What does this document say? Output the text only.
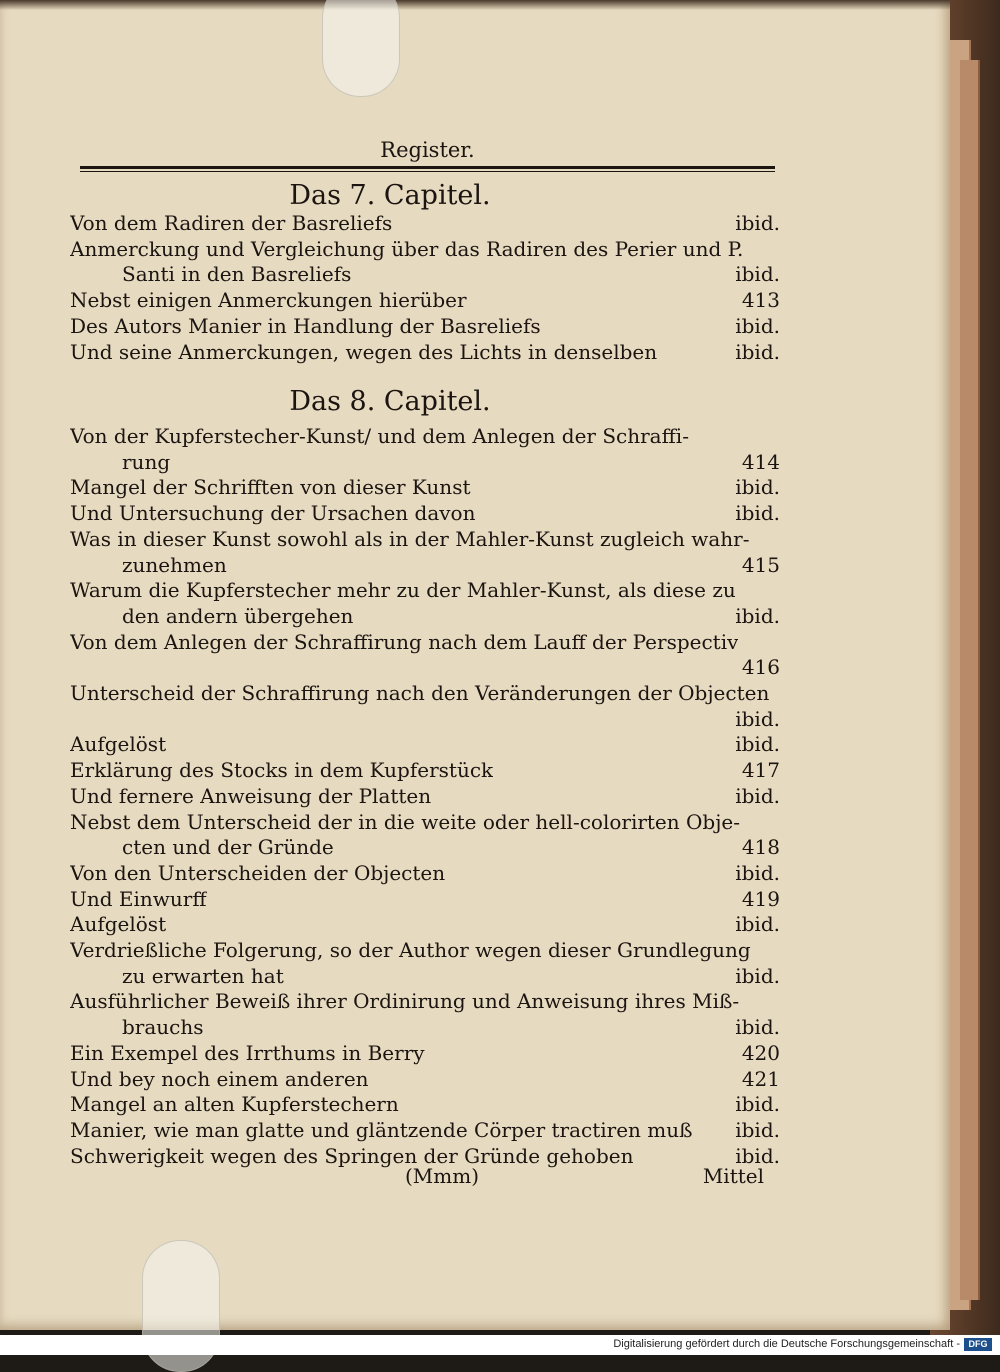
Register.
Das 7. Capitel.
Von dem Radiren der Basreliefs	ibid.
Anmerckung und Vergleichung über das Radiren des Perier und P.
Santi in den Basreliefs	ibid.
Nebst einigen Anmerckungen hierüber	413
Des Autors Manier in Handlung der Basreliefs	ibid.
Und seine Anmerckungen, wegen des Lichts in denselben	ibid.
Das 8. Capitel.
Von der Kupferstecher-Kunst/ und dem Anlegen der Schraffi-
rung	414
Mangel der Schrifften von dieser Kunst	ibid.
Und Untersuchung der Ursachen davon	ibid.
Was in dieser Kunst sowohl als in der Mahler-Kunst zugleich wahr-
zunehmen	415
Warum die Kupferstecher mehr zu der Mahler-Kunst, als diese zu
den andern übergehen	ibid.
Von dem Anlegen der Schraffirung nach dem Lauff der Perspectiv
416
Unterscheid der Schraffirung nach den Veränderungen der Objecten
ibid.
Aufgelöst	ibid.
Erklärung des Stocks in dem Kupferstück	417
Und fernere Anweisung der Platten	ibid.
Nebst dem Unterscheid der in die weite oder hell-colorirten Obje-
cten und der Gründe	418
Von den Unterscheiden der Objecten	ibid.
Und Einwurff	419
Aufgelöst	ibid.
Verdrießliche Folgerung, so der Author wegen dieser Grundlegung
zu erwarten hat	ibid.
Ausführlicher Beweiß ihrer Ordinirung und Anweisung ihres Miß-
brauchs	ibid.
Ein Exempel des Irrthums in Berry	420
Und bey noch einem anderen	421
Mangel an alten Kupferstechern	ibid.
Manier, wie man glatte und gläntzende Cörper tractiren muß	ibid.
Schwerigkeit wegen des Springen der Gründe gehoben	ibid.
(Mmm)	Mittel
Digitalisierung gefördert durch die Deutsche Forschungsgemeinschaft - DFG
